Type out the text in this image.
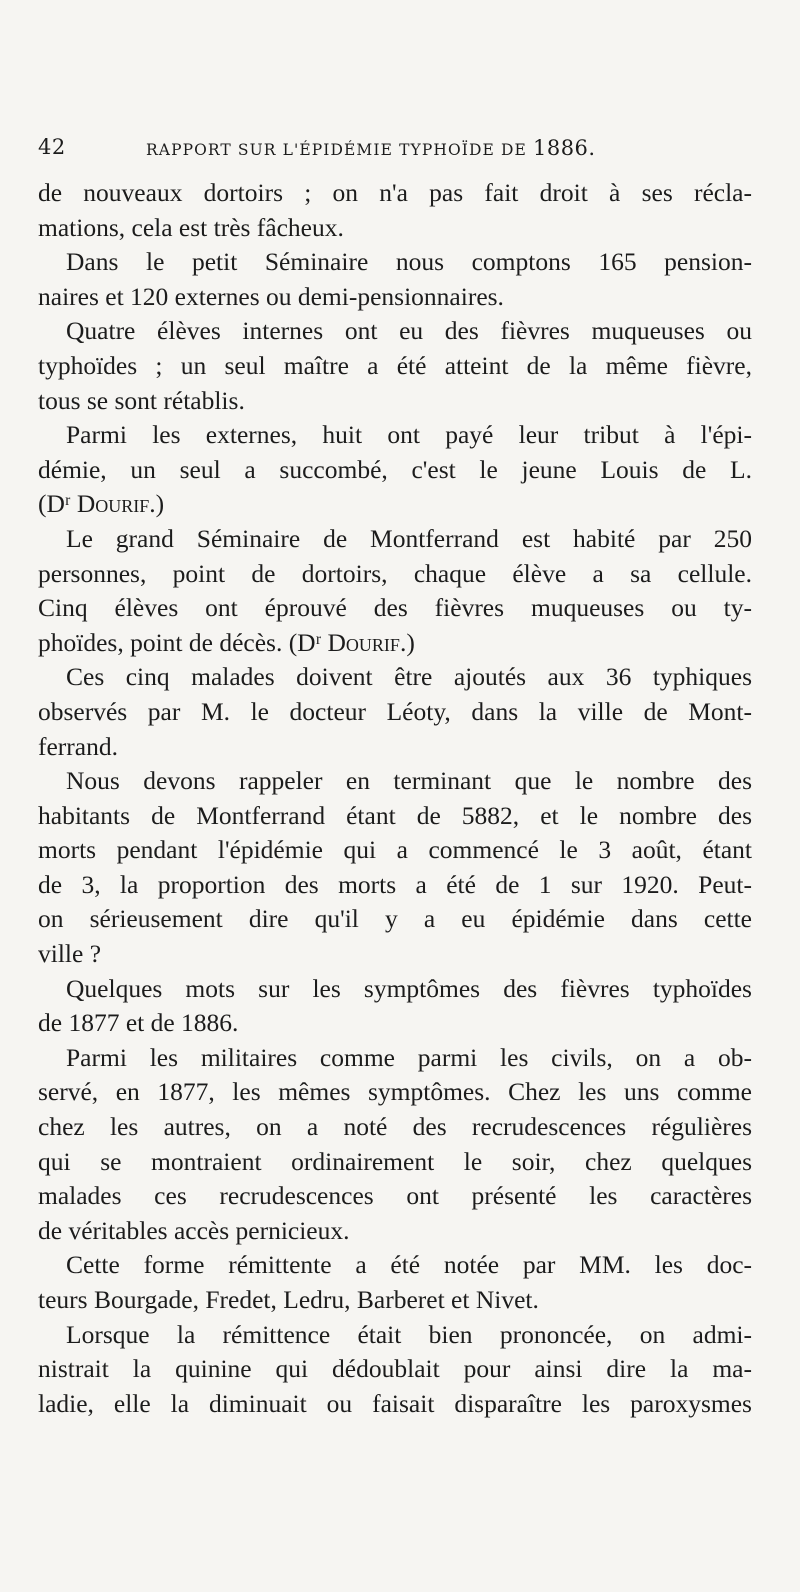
42	RAPPORT SUR L'ÉPIDÉMIE TYPHOÏDE DE 1886.
de nouveaux dortoirs ; on n'a pas fait droit à ses récla-
mations, cela est très fâcheux.
Dans le petit Séminaire nous comptons 165 pension-
naires et 120 externes ou demi-pensionnaires.
Quatre élèves internes ont eu des fièvres muqueuses ou
typhoïdes ; un seul maître a été atteint de la même fièvre,
tous se sont rétablis.
Parmi les externes, huit ont payé leur tribut à l'épi-
démie, un seul a succombé, c'est le jeune Louis de L.
(Dʳ Dourif.)
Le grand Séminaire de Montferrand est habité par 250
personnes, point de dortoirs, chaque élève a sa cellule.
Cinq élèves ont éprouvé des fièvres muqueuses ou ty-
phoïdes, point de décès. (Dʳ Dourif.)
Ces cinq malades doivent être ajoutés aux 36 typhiques
observés par M. le docteur Léoty, dans la ville de Mont-
ferrand.
Nous devons rappeler en terminant que le nombre des
habitants de Montferrand étant de 5882, et le nombre des
morts pendant l'épidémie qui a commencé le 3 août, étant
de 3, la proportion des morts a été de 1 sur 1920. Peut-
on sérieusement dire qu'il y a eu épidémie dans cette
ville ?
Quelques mots sur les symptômes des fièvres typhoïdes
de 1877 et de 1886.
Parmi les militaires comme parmi les civils, on a ob-
servé, en 1877, les mêmes symptômes. Chez les uns comme
chez les autres, on a noté des recrudescences régulières
qui se montraient ordinairement le soir, chez quelques
malades ces recrudescences ont présenté les caractères
de véritables accès pernicieux.
Cette forme rémittente a été notée par MM. les doc-
teurs Bourgade, Fredet, Ledru, Barberet et Nivet.
Lorsque la rémittence était bien prononcée, on admi-
nistrait la quinine qui dédoublait pour ainsi dire la ma-
ladie, elle la diminuait ou faisait disparaître les paroxysmes
